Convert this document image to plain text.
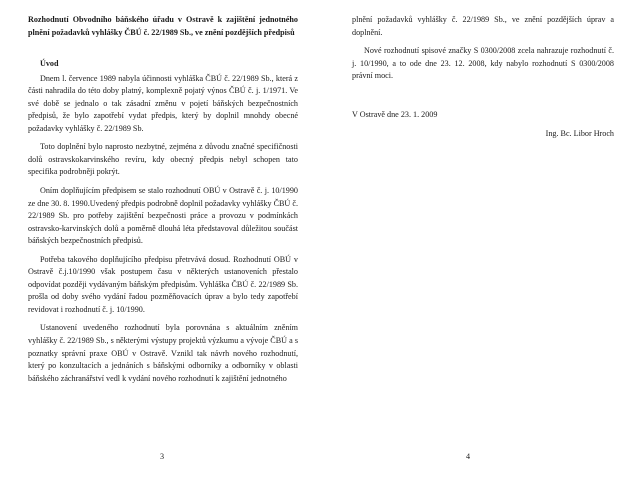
Rozhodnutí Obvodního báňského úřadu v Ostravě k zajištění jednotného plnění požadavků vyhlášky ČBÚ č. 22/1989 Sb., ve znění pozdějších předpisů

Úvod

Dnem l. července 1989 nabyla účinnosti vyhláška ČBÚ č. 22/1989 Sb., která z části nahradila do této doby platný, komplexně pojatý výnos ČBÚ č. j. 1/1971. Ve své době se jednalo o tak zásadní změnu v pojetí báňských bezpečnostních předpisů, že bylo zapotřebí vydat předpis, který by doplnil mnohdy obecné požadavky vyhlášky č. 22/1989 Sb.

Toto doplnění bylo naprosto nezbytné, zejména z důvodu značné specifičnosti dolů ostravskokarvinského revíru, kdy obecný předpis nebyl schopen tato specifika podrobněji pokrýt.

Oním doplňujícím předpisem se stalo rozhodnutí OBÚ v Ostravě č. j. 10/1990 ze dne 30. 8. 1990.Uvedený předpis podrobně doplnil požadavky vyhlášky ČBÚ č. 22/1989 Sb. pro potřeby zajištění bezpečnosti práce a provozu v podmínkách ostravsko-karvinských dolů a poměrně dlouhá léta představoval důležitou součást báňských bezpečnostních předpisů.

Potřeba takového doplňujícího předpisu přetrvává dosud. Rozhodnutí OBÚ v Ostravě č.j.10/1990 však postupem času v některých ustanoveních přestalo odpovídat později vydávaným báňským předpisům. Vyhláška ČBÚ č. 22/1989 Sb. prošla od doby svého vydání řadou pozměňovacích úprav a bylo tedy zapotřebí revidovat i rozhodnutí č. j. 10/1990.

Ustanovení uvedeného rozhodnutí byla porovnána s aktuálním zněním vyhlášky č. 22/1989 Sb., s některými výstupy projektů výzkumu a vývoje ČBÚ a s poznatky správní praxe OBÚ v Ostravě. Vznikl tak návrh nového rozhodnutí, který po konzultacích a jednáních s báňskými odborníky a odborníky v oblasti báňského záchranářství vedl k vydání nového rozhodnutí k zajištění jednotného

3

plnění požadavků vyhlášky č. 22/1989 Sb., ve znění pozdějších úprav a doplnění.

Nové rozhodnutí spisové značky S 0300/2008 zcela nahrazuje rozhodnutí č. j. 10/1990, a to ode dne 23. 12. 2008, kdy nabylo rozhodnutí S 0300/2008 právní moci.

V Ostravě dne 23. 1. 2009

Ing. Bc. Libor Hroch

4
